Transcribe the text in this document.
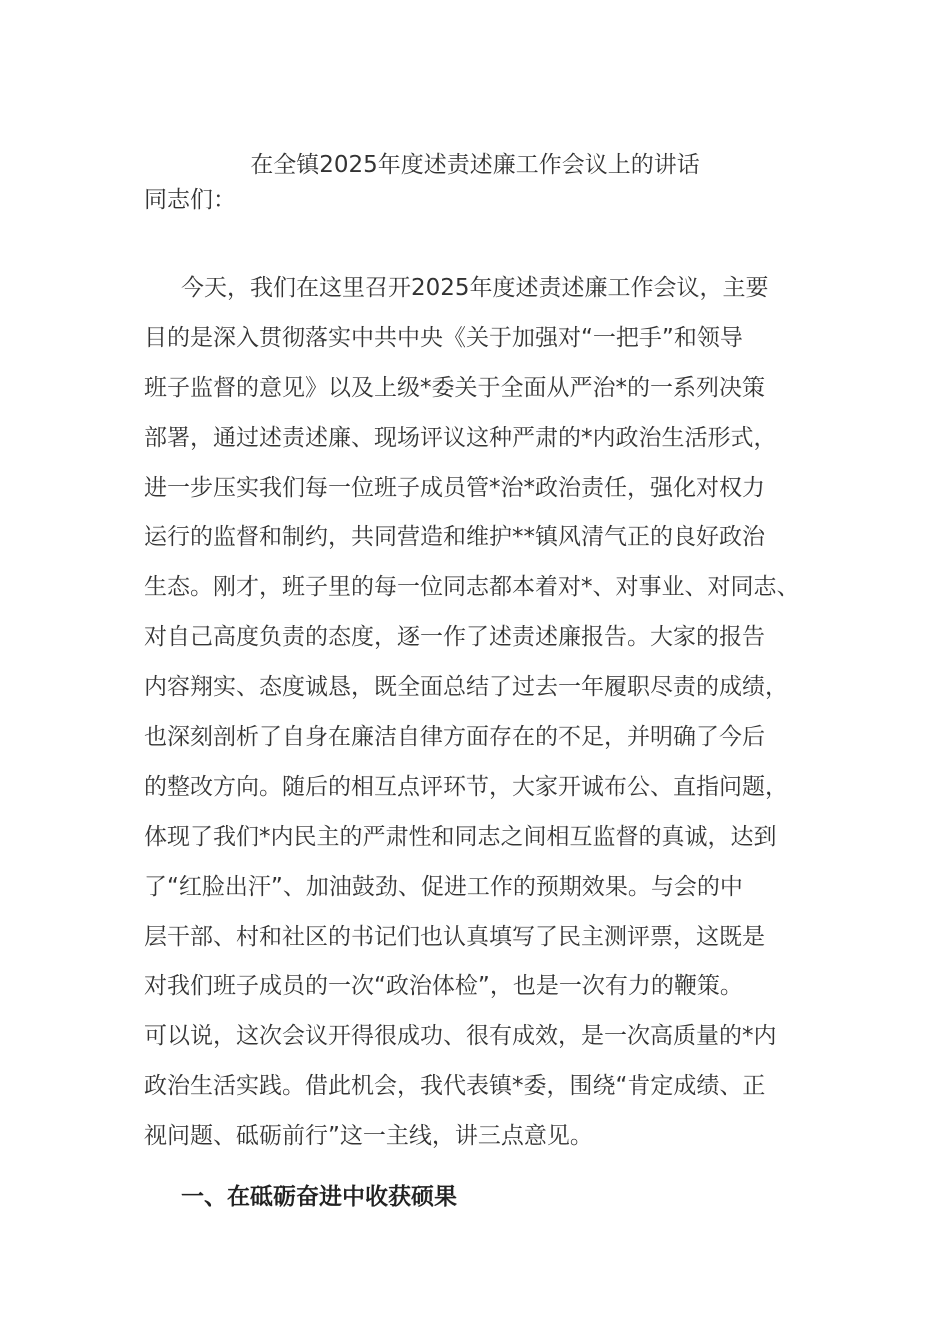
在全镇2025年度述责述廉工作会议上的讲话
同志们：
今天，我们在这里召开2025年度述责述廉工作会议，主要
目的是深入贯彻落实中共中央《关于加强对“一把手”和领导
班子监督的意见》以及上级*委关于全面从严治*的一系列决策
部署，通过述责述廉、现场评议这种严肃的*内政治生活形式，
进一步压实我们每一位班子成员管*治*政治责任，强化对权力
运行的监督和制约，共同营造和维护**镇风清气正的良好政治
生态。刚才，班子里的每一位同志都本着对*、对事业、对同志、
对自己高度负责的态度，逐一作了述责述廉报告。大家的报告
内容翔实、态度诚恳，既全面总结了过去一年履职尽责的成绩，
也深刻剖析了自身在廉洁自律方面存在的不足，并明确了今后
的整改方向。随后的相互点评环节，大家开诚布公、直指问题，
体现了我们*内民主的严肃性和同志之间相互监督的真诚，达到
了“红脸出汗”、加油鼓劲、促进工作的预期效果。与会的中
层干部、村和社区的书记们也认真填写了民主测评票，这既是
对我们班子成员的一次“政治体检”，也是一次有力的鞭策。
可以说，这次会议开得很成功、很有成效，是一次高质量的*内
政治生活实践。借此机会，我代表镇*委，围绕“肯定成绩、正
视问题、砥砺前行”这一主线，讲三点意见。
一、在砥砺奋进中收获硕果
